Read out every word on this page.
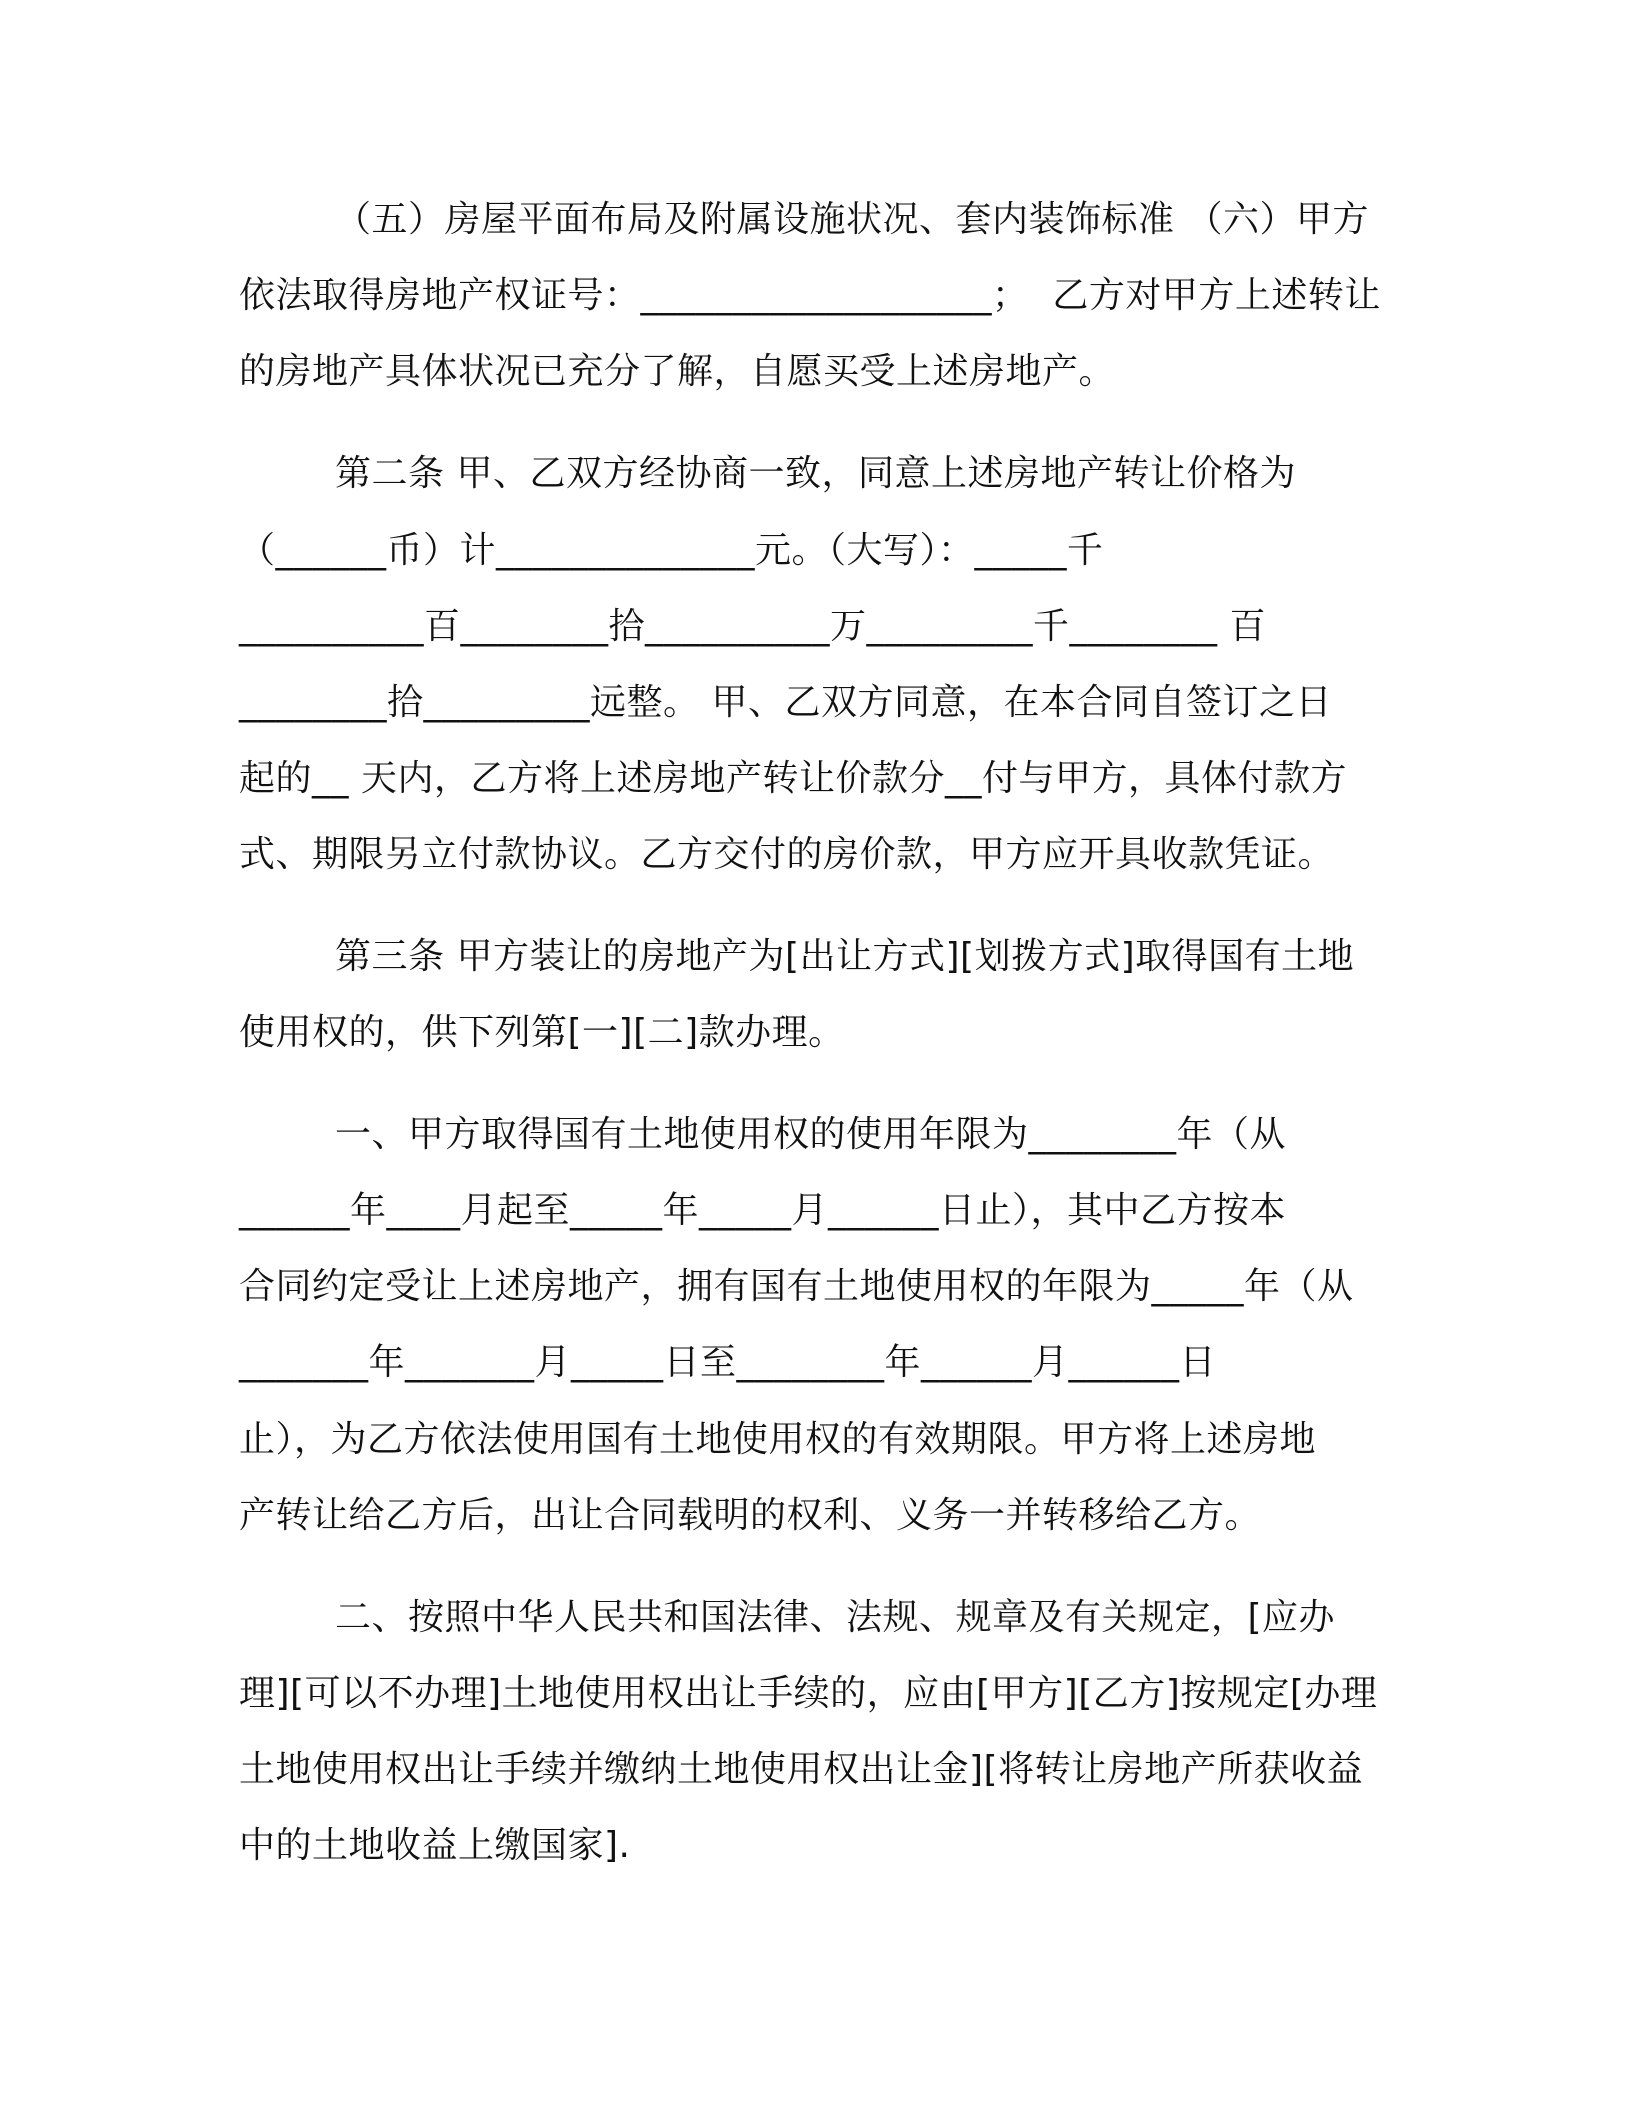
（五）房屋平面布局及附属设施状况、套内装饰标准 （六）甲方
依法取得房地产权证号：___________________；  乙方对甲方上述转让
的房地产具体状况已充分了解，自愿买受上述房地产。
第二条 甲、乙双方经协商一致，同意上述房地产转让价格为
（______币）计______________元。（大写）：_____千
__________百________拾__________万_________千________ 百
________拾_________远整。 甲、乙双方同意，在本合同自签订之日
起的__ 天内，乙方将上述房地产转让价款分__付与甲方，具体付款方
式、期限另立付款协议。乙方交付的房价款，甲方应开具收款凭证。
第三条 甲方装让的房地产为[出让方式][划拨方式]取得国有土地
使用权的，供下列第[一][二]款办理。
一、甲方取得国有土地使用权的使用年限为________年（从
______年____月起至_____年_____月______日止），其中乙方按本
合同约定受让上述房地产，拥有国有土地使用权的年限为_____年（从
_______年_______月_____日至________年______月______日
止），为乙方依法使用国有土地使用权的有效期限。甲方将上述房地
产转让给乙方后，出让合同载明的权利、义务一并转移给乙方。
二、按照中华人民共和国法律、法规、规章及有关规定，[应办
理][可以不办理]土地使用权出让手续的，应由[甲方][乙方]按规定[办理
土地使用权出让手续并缴纳土地使用权出让金][将转让房地产所获收益
中的土地收益上缴国家].
